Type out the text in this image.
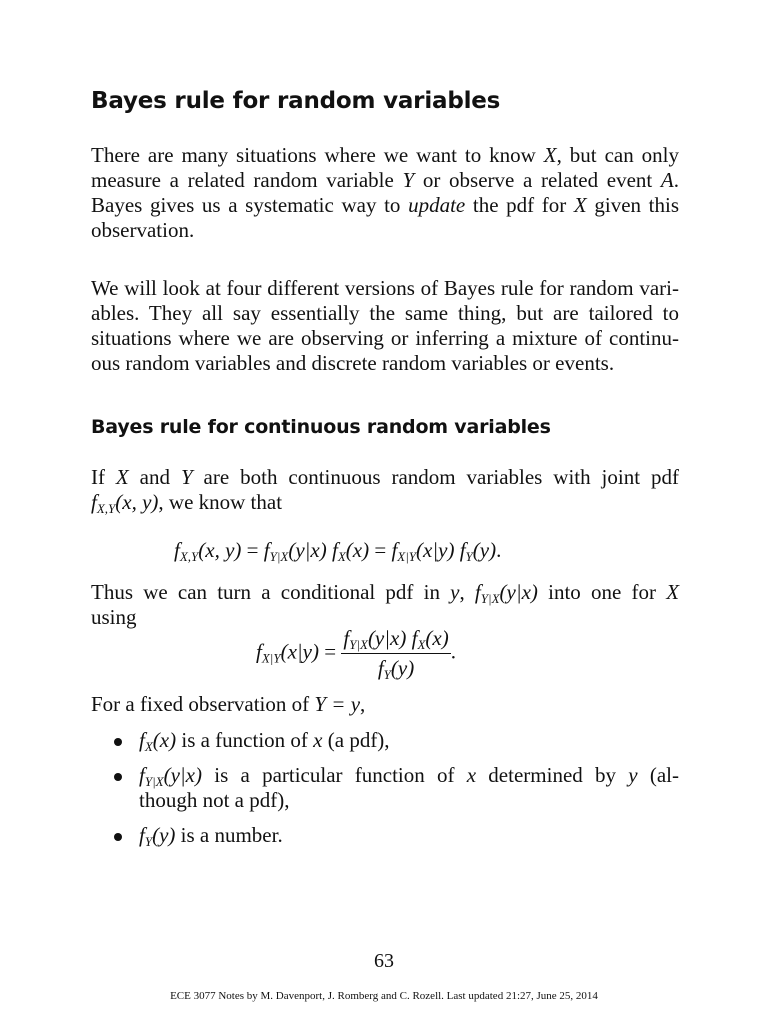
Bayes rule for random variables
There are many situations where we want to know X, but can only
measure a related random variable Y or observe a related event A.
Bayes gives us a systematic way to update the pdf for X given this
observation.
We will look at four different versions of Bayes rule for random vari-
ables. They all say essentially the same thing, but are tailored to
situations where we are observing or inferring a mixture of continu-
ous random variables and discrete random variables or events.
Bayes rule for continuous random variables
If X and Y are both continuous random variables with joint pdf
$f_{X,Y}(x$, y), we know that
$f_{X,Y}(x$, $y) = f_{Y|X}(y|x) f_X(x) = f_{X|Y}(x|y)$ $f_Y(y)$.
Thus we can turn a conditional pdf in y, $f_{Y|X}(y|x)$ into one for X
using
$f_{X|Y}(x|y) = \frac{f_{Y|X}(y|x) f_X(x)}{f_Y(y)}$ .
For a fixed observation of Y = y,
$f_X(x)$ is a function of x (a pdf),
$f_{Y|X}(y|x)$ is a particular function of x determined by y (al-
though not a pdf),
$f_Y(y)$ is a number.
63
ECE 3077 Notes by M. Davenport, J. Romberg and C. Rozell. Last updated 21:27, June 25, 2014
